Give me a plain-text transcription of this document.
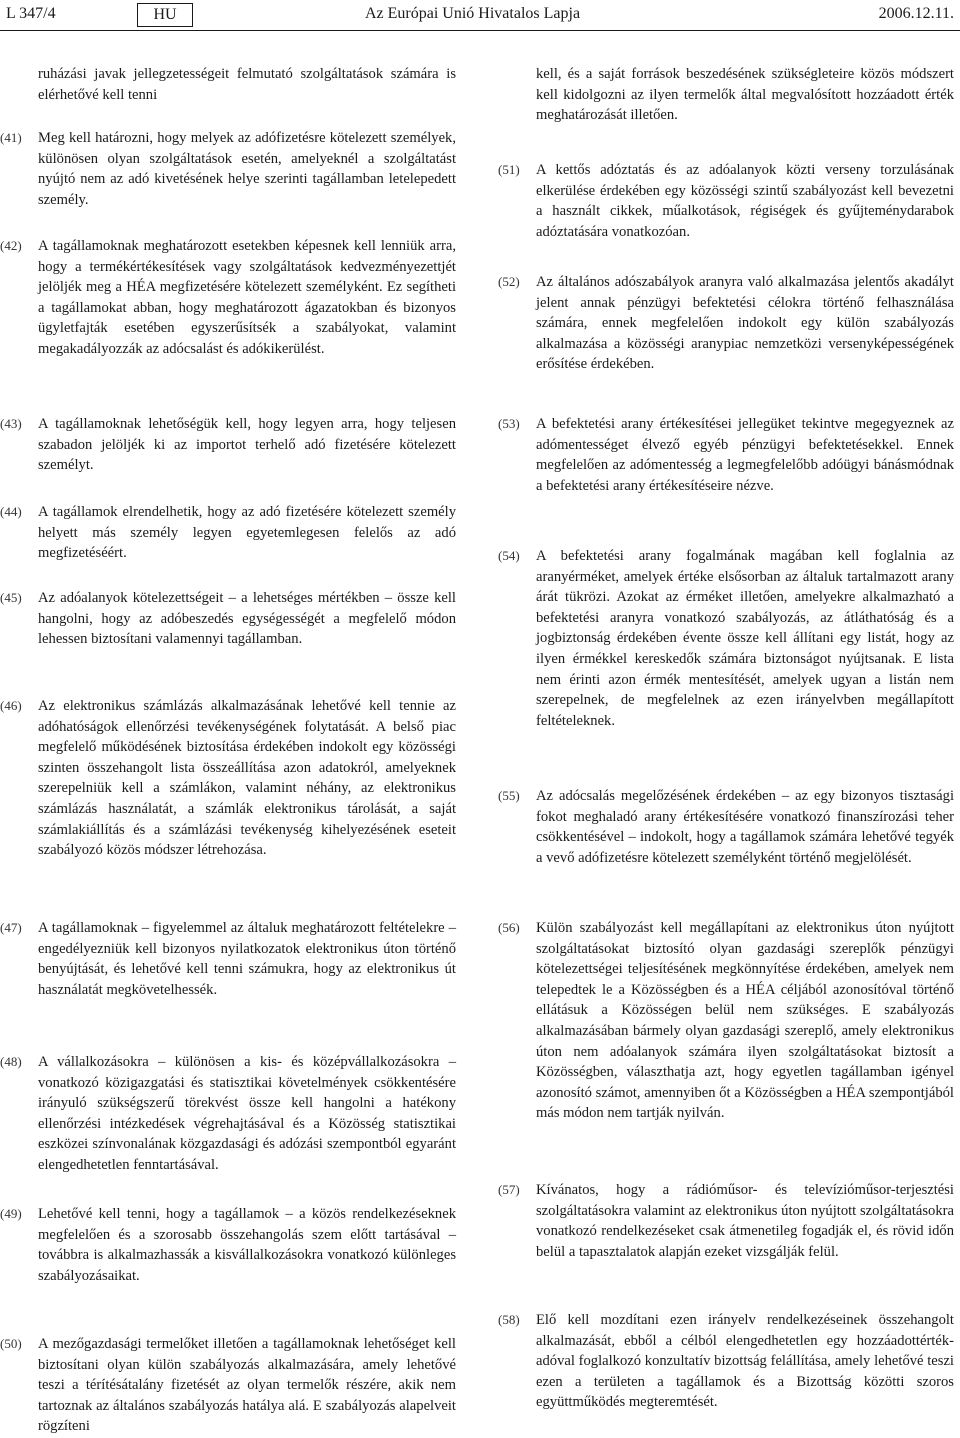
L 347/4	HU	Az Európai Unió Hivatalos Lapja	2006.12.11.
ruházási javak jellegzetességeit felmutató szolgáltatások számára is elérhetővé kell tenni
(41)	Meg kell határozni, hogy melyek az adófizetésre kötelezett személyek, különösen olyan szolgáltatások esetén, amelyeknél a szolgáltatást nyújtó nem az adó kivetésének helye szerinti tagállamban letelepedett személy.
(42)	A tagállamoknak meghatározott esetekben képesnek kell lenniük arra, hogy a termékértékesítések vagy szolgáltatások kedvezményezettjét jelöljék meg a HÉA megfizetésére kötelezett személyként. Ez segítheti a tagállamokat abban, hogy meghatározott ágazatokban és bizonyos ügyletfajták esetében egyszerűsítsék a szabályokat, valamint megakadályozzák az adócsalást és adókikerülést.
(43)	A tagállamoknak lehetőségük kell, hogy legyen arra, hogy teljesen szabadon jelöljék ki az importot terhelő adó fizetésére kötelezett személyt.
(44)	A tagállamok elrendelhetik, hogy az adó fizetésére kötelezett személy helyett más személy legyen egyetemlegesen felelős az adó megfizetéséért.
(45)	Az adóalanyok kötelezettségeit – a lehetséges mértékben – össze kell hangolni, hogy az adóbeszedés egységességét a megfelelő módon lehessen biztosítani valamennyi tagállamban.
(46)	Az elektronikus számlázás alkalmazásának lehetővé kell tennie az adóhatóságok ellenőrzési tevékenységének folytatását. A belső piac megfelelő működésének biztosítása érdekében indokolt egy közösségi szinten összehangolt lista összeállítása azon adatokról, amelyeknek szerepelniük kell a számlákon, valamint néhány, az elektronikus számlázás használatát, a számlák elektronikus tárolását, a saját számlakiállítás és a számlázási tevékenység kihelyezésének eseteit szabályozó közös módszer létrehozása.
(47)	A tagállamoknak – figyelemmel az általuk meghatározott feltételekre – engedélyezniük kell bizonyos nyilatkozatok elektronikus úton történő benyújtását, és lehetővé kell tenni számukra, hogy az elektronikus út használatát megkövetelhessék.
(48)	A vállalkozásokra – különösen a kis- és középvállalkozásokra – vonatkozó közigazgatási és statisztikai követelmények csökkentésére irányuló szükségszerű törekvést össze kell hangolni a hatékony ellenőrzési intézkedések végrehajtásával és a Közösség statisztikai eszközei színvonalának közgazdasági és adózási szempontból egyaránt elengedhetetlen fenntartásával.
(49)	Lehetővé kell tenni, hogy a tagállamok – a közös rendelkezéseknek megfelelően és a szorosabb összehangolás szem előtt tartásával – továbbra is alkalmazhassák a kisvállalkozásokra vonatkozó különleges szabályozásaikat.
(50)	A mezőgazdasági termelőket illetően a tagállamoknak lehetőséget kell biztosítani olyan külön szabályozás alkalmazására, amely lehetővé teszi a térítésátalány fizetését az olyan termelők részére, akik nem tartoznak az általános szabályozás hatálya alá. E szabályozás alapelveit rögzíteni
kell, és a saját források beszedésének szükségleteire közös módszert kell kidolgozni az ilyen termelők által megvalósított hozzáadott érték meghatározását illetően.
(51)	A kettős adóztatás és az adóalanyok közti verseny torzulásának elkerülése érdekében egy közösségi szintű szabályozást kell bevezetni a használt cikkek, műalkotások, régiségek és gyűjteménydarabok adóztatására vonatkozóan.
(52)	Az általános adószabályok aranyra való alkalmazása jelentős akadályt jelent annak pénzügyi befektetési célokra történő felhasználása számára, ennek megfelelően indokolt egy külön szabályozás alkalmazása a közösségi aranypiac nemzetközi versenyképességének erősítése érdekében.
(53)	A befektetési arany értékesítései jellegüket tekintve megegyeznek az adómentességet élvező egyéb pénzügyi befektetésekkel. Ennek megfelelően az adómentesség a legmegfelelőbb adóügyi bánásmódnak a befektetési arany értékesítéseire nézve.
(54)	A befektetési arany fogalmának magában kell foglalnia az aranyérméket, amelyek értéke elsősorban az általuk tartalmazott arany árát tükrözi. Azokat az érméket illetően, amelyekre alkalmazható a befektetési aranyra vonatkozó szabályozás, az átláthatóság és a jogbiztonság érdekében évente össze kell állítani egy listát, hogy az ilyen érmékkel kereskedők számára biztonságot nyújtsanak. E lista nem érinti azon érmék mentesítését, amelyek ugyan a listán nem szerepelnek, de megfelelnek az ezen irányelvben megállapított feltételeknek.
(55)	Az adócsalás megelőzésének érdekében – az egy bizonyos tisztasági fokot meghaladó arany értékesítésére vonatkozó finanszírozási teher csökkentésével – indokolt, hogy a tagállamok számára lehetővé tegyék a vevő adófizetésre kötelezett személyként történő megjelölését.
(56)	Külön szabályozást kell megállapítani az elektronikus úton nyújtott szolgáltatásokat biztosító olyan gazdasági szereplők pénzügyi kötelezettségei teljesítésének megkönnyítése érdekében, amelyek nem telepedtek le a Közösségben és a HÉA céljából azonosítóval történő ellátásuk a Közösségen belül nem szükséges. E szabályozás alkalmazásában bármely olyan gazdasági szereplő, amely elektronikus úton nem adóalanyok számára ilyen szolgáltatásokat biztosít a Közösségben, választhatja azt, hogy egyetlen tagállamban igényel azonosító számot, amennyiben őt a Közösségben a HÉA szempontjából más módon nem tartják nyilván.
(57)	Kívánatos, hogy a rádióműsor- és televízióműsor-terjesztési szolgáltatásokra valamint az elektronikus úton nyújtott szolgáltatásokra vonatkozó rendelkezéseket csak átmenetileg fogadják el, és rövid időn belül a tapasztalatok alapján ezeket vizsgálják felül.
(58)	Elő kell mozdítani ezen irányelv rendelkezéseinek összehangolt alkalmazását, ebből a célból elengedhetetlen egy hozzáadottérték-adóval foglalkozó konzultatív bizottság felállítása, amely lehetővé teszi ezen a területen a tagállamok és a Bizottság közötti szoros együttműködés megteremtését.
